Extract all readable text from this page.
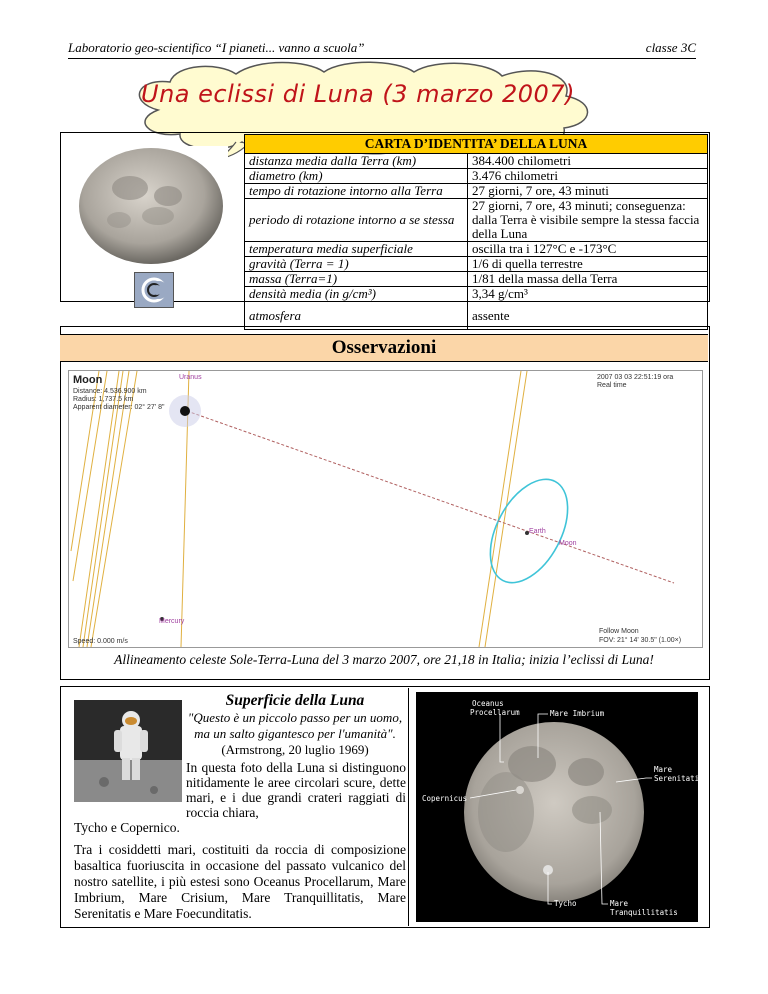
Laboratorio geo-scientifico “I pianeti... vanno a scuola”	classe 3C
Una eclissi di Luna (3 marzo 2007)
CARTA D’IDENTITA’ DELLA LUNA
distanza media dalla Terra (km)	384.400 chilometri
diametro (km)	3.476 chilometri
tempo di rotazione intorno alla Terra	27 giorni, 7 ore, 43 minuti
periodo di rotazione intorno a se stessa	27 giorni, 7 ore, 43 minuti; conseguenza: dalla Terra è visibile sempre la stessa faccia della Luna
temperatura media superficiale	oscilla tra i 127°C e -173°C
gravità (Terra = 1)	1/6 di quella terrestre
massa (Terra=1)	1/81 della massa della Terra
densità media (in g/cm³)	3,34 g/cm³
atmosfera	assente
Osservazioni
Moon
Distance: 4.536.900 km
Radius: 1,737.5 km
Apparent diameter: 02° 27' 8"
2007 03 03 22:51:19 ora
Real time
Speed: 0.000 m/s
Follow Moon
FOV: 21° 14' 30.5" (1.00×)
Uranus
Earth
Moon
Mercury
Allineamento celeste Sole-Terra-Luna del 3 marzo 2007, ore 21,18 in Italia; inizia l’eclissi di Luna!
Superficie della Luna
"Questo è un piccolo passo per un uomo, ma un salto gigantesco per l'umanità".
(Armstrong, 20 luglio 1969)
In questa foto della Luna si distinguono nitidamente le aree circolari scure, dette mari, e i due grandi crateri raggiati di roccia chiara,
Tycho e Copernico.
Tra i cosiddetti mari, costituiti da roccia di composizione basaltica fuoriuscita in occasione del passato vulcanico del nostro satellite, i più estesi sono Oceanus Procellarum, Mare Imbrium, Mare Crisium, Mare Tranquillitatis, Mare Serenitatis e Mare Foecunditatis.
Oceanus
Procellarum	Mare Imbrium
Mare
Serenitatis
Copernicus
Tycho	Mare
Tranquillitatis
